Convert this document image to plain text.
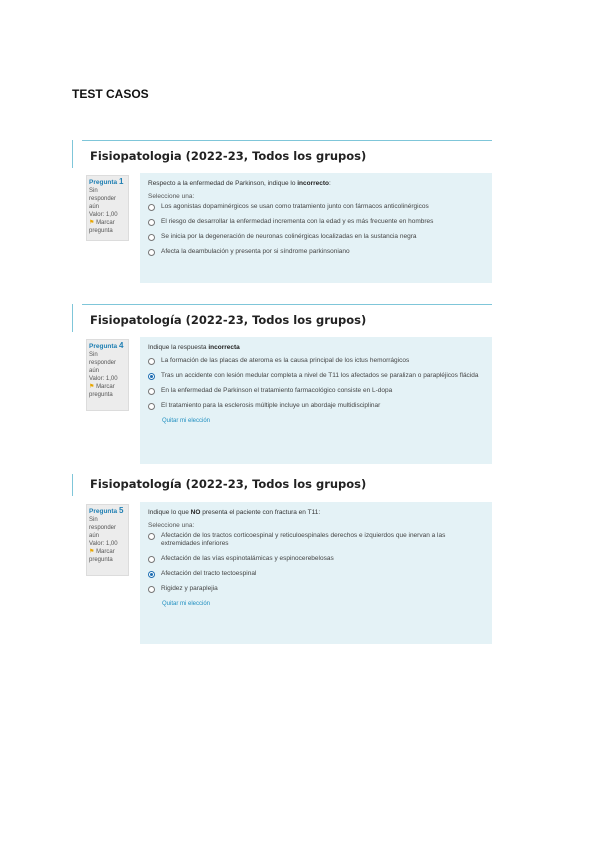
TEST CASOS
Fisiopatologia (2022-23, Todos los grupos)
Pregunta 1
Sin responder aún
Valor: 1,00
⚑ Marcar pregunta
Respecto a la enfermedad de Parkinson, indique lo incorrecto:
Seleccione una:
Los agonistas dopaminérgicos se usan como tratamiento junto con fármacos anticolinérgicos
El riesgo de desarrollar la enfermedad incrementa con la edad y es más frecuente en hombres
Se inicia por la degeneración de neuronas colinérgicas localizadas en la sustancia negra
Afecta la deambulación y presenta por si síndrome parkinsoniano
Fisiopatología (2022-23, Todos los grupos)
Pregunta 4
Sin responder aún
Valor: 1,00
⚑ Marcar pregunta
Indique la respuesta incorrecta
La formación de las placas de ateroma es la causa principal de los ictus hemorrágicos
Tras un accidente con lesión medular completa a nivel de T11 los afectados se paralizan o parapléjicos flácida
En la enfermedad de Parkinson el tratamiento farmacológico consiste en L-dopa
El tratamiento para la esclerosis múltiple incluye un abordaje multidisciplinar
Quitar mi elección
Fisiopatología (2022-23, Todos los grupos)
Pregunta 5
Sin responder aún
Valor: 1,00
⚑ Marcar pregunta
Indique lo que NO presenta el paciente con fractura en T11:
Seleccione una:
Afectación de los tractos corticoespinal y reticuloespinales derechos e izquierdos que inervan a las extremidades inferiores
Afectación de las vías espinotalámicas y espinocerebelosas
Afectación del tracto tectoespinal
Rigidez y paraplejia
Quitar mi elección
